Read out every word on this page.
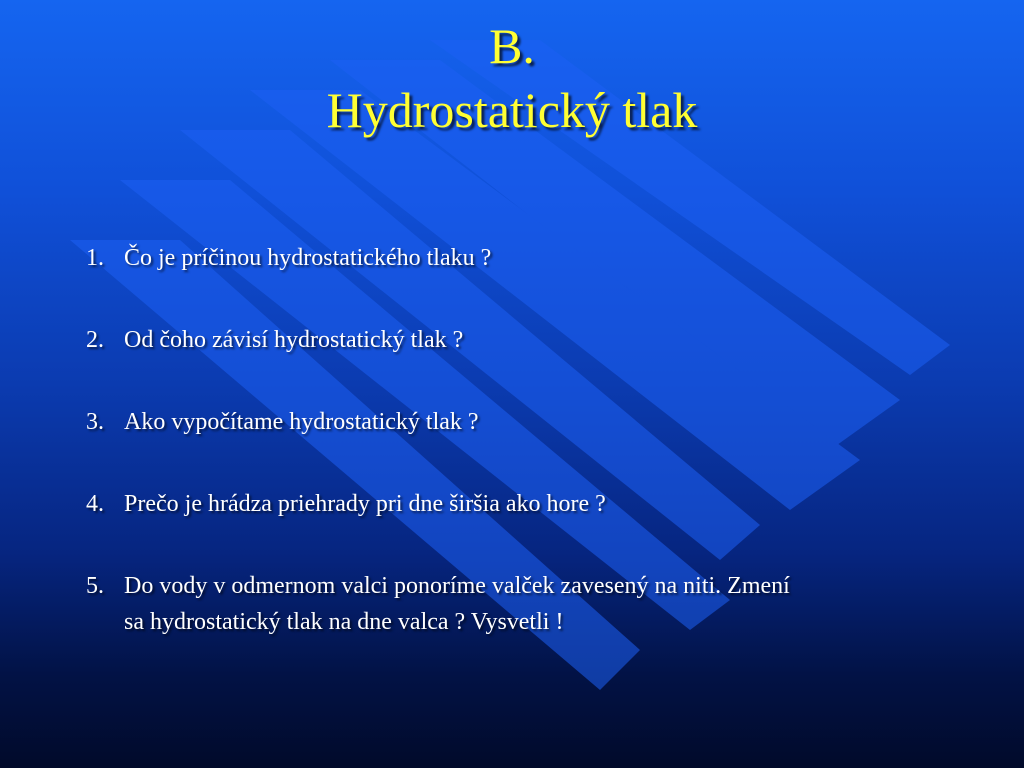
B.
Hydrostatický tlak
1. Čo je príčinou hydrostatického tlaku ?
2. Od čoho závisí hydrostatický tlak ?
3. Ako vypočítame hydrostatický tlak ?
4. Prečo je hrádza priehrady pri dne širšia ako hore ?
5. Do vody v odmernom valci ponoríme valček zavesený na niti. Zmení
sa hydrostatický tlak na dne valca ? Vysvetli !
